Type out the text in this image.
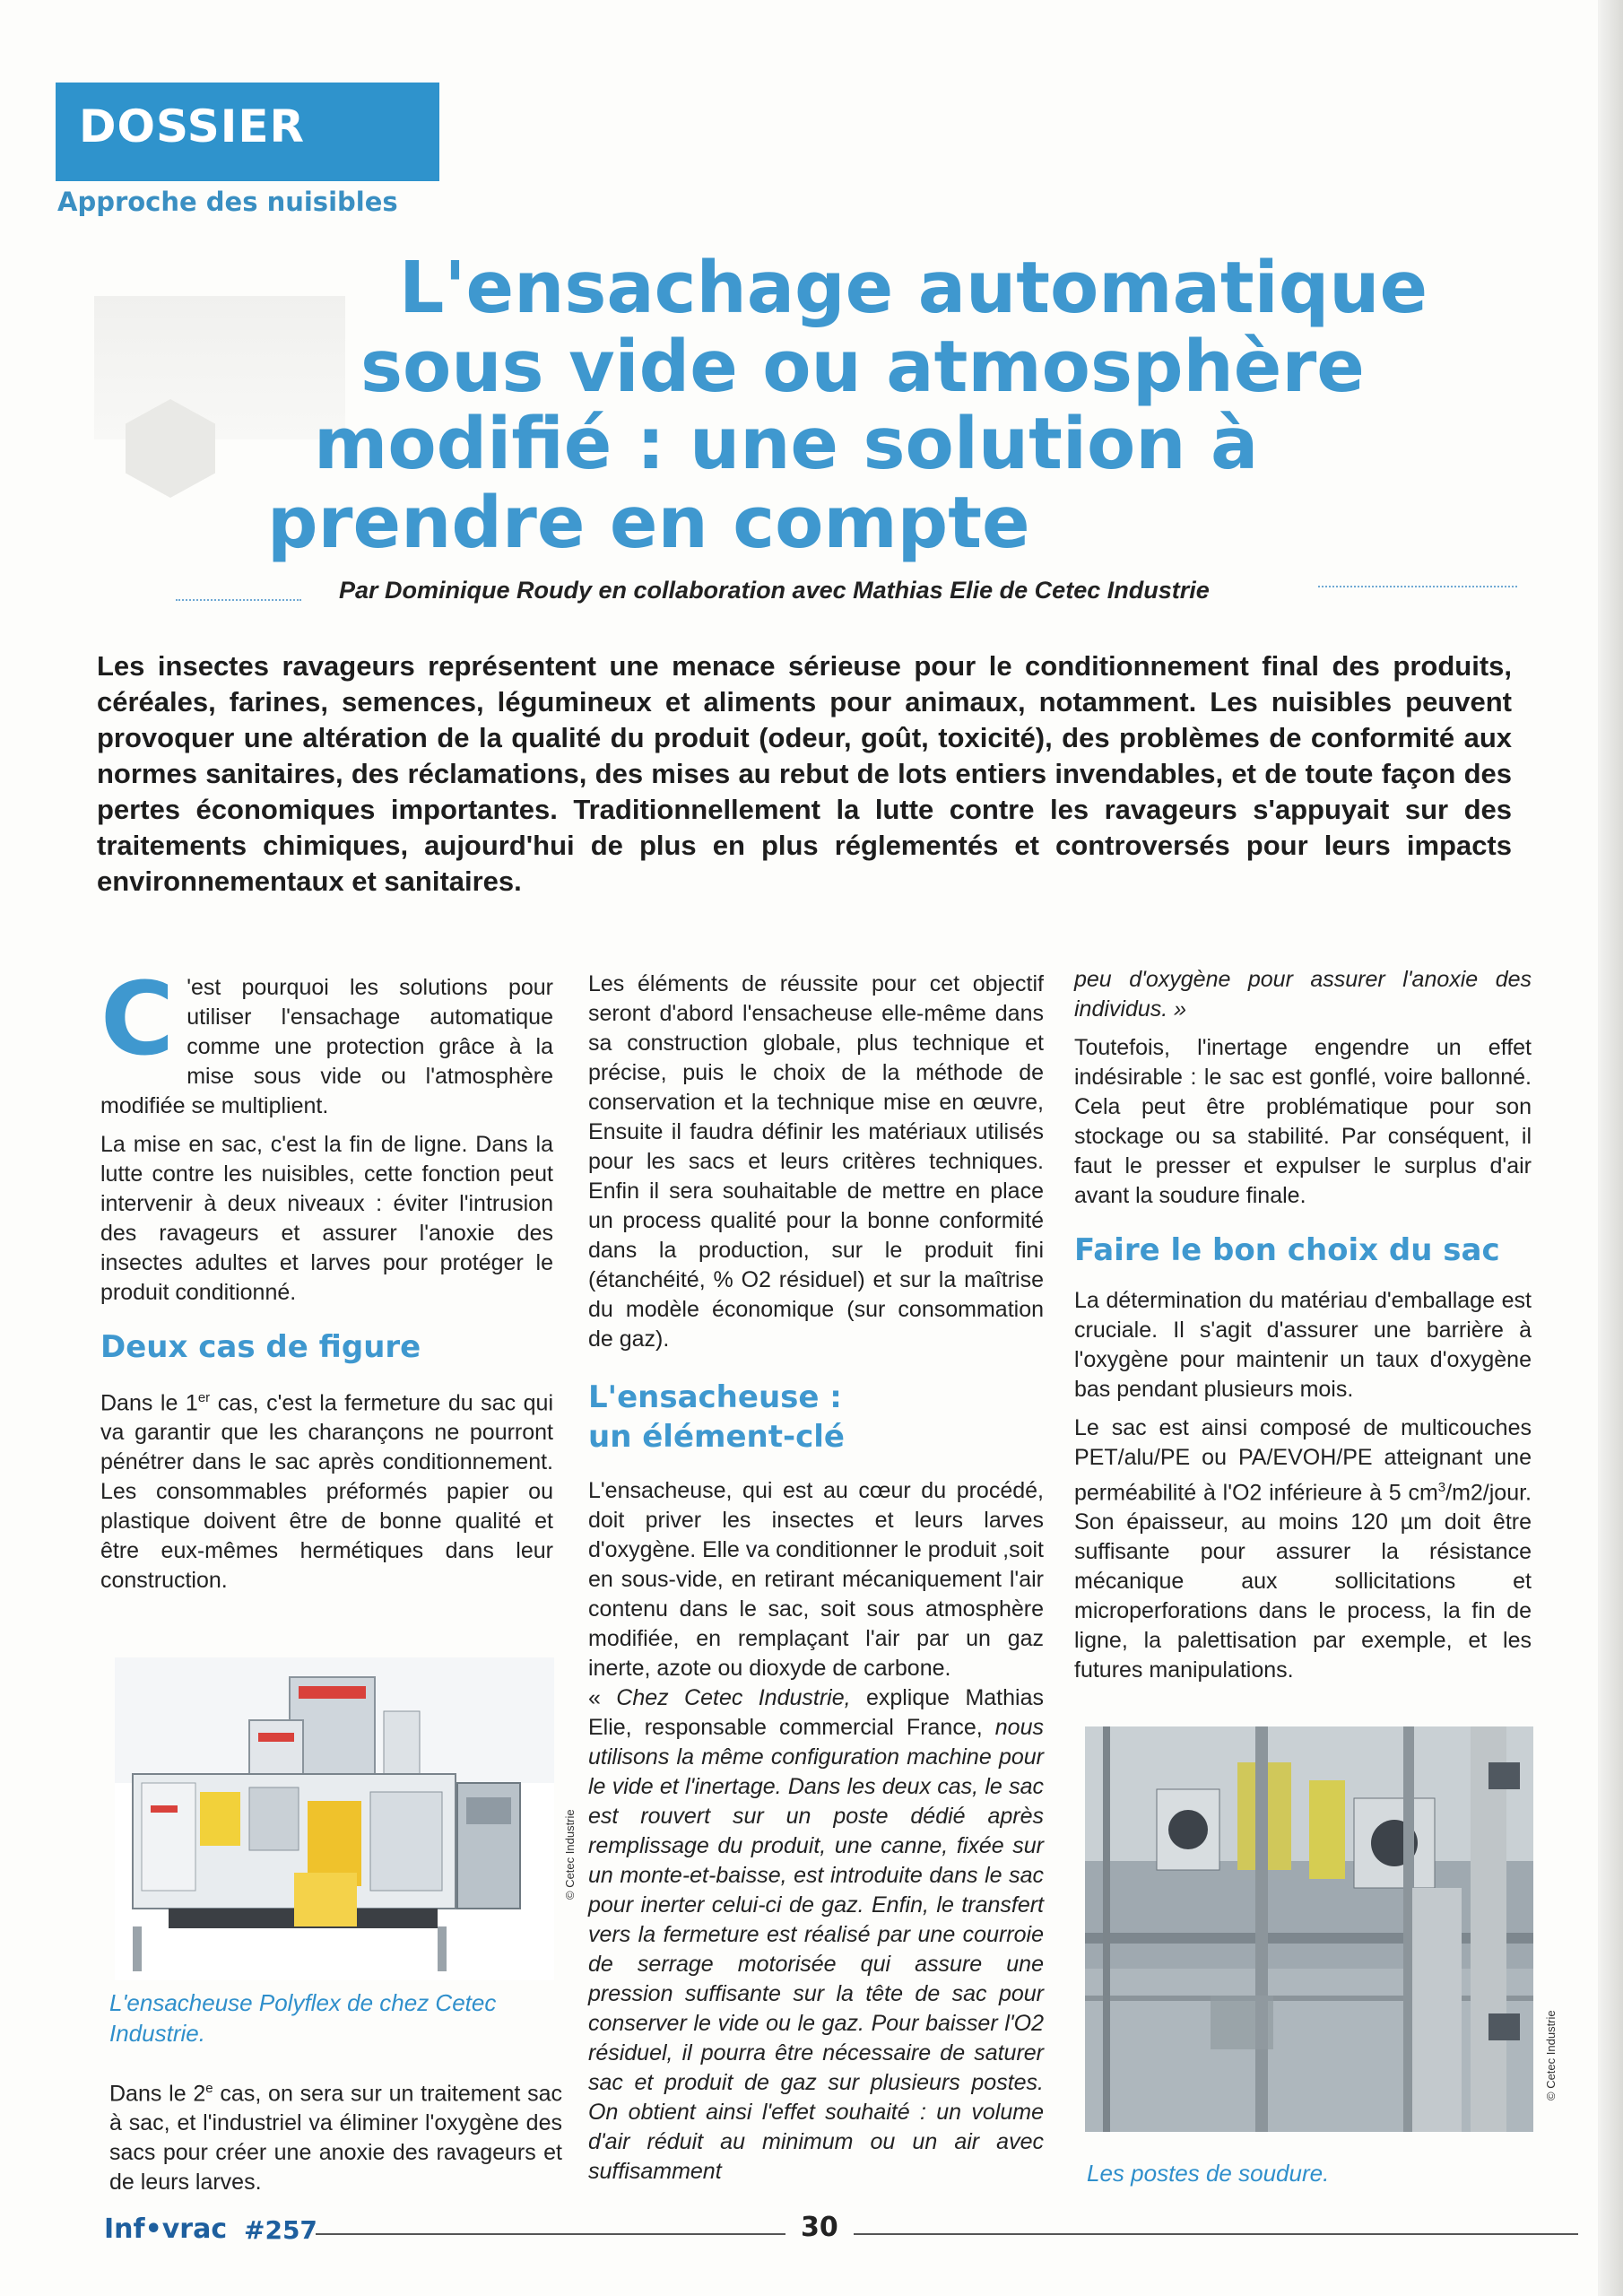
DOSSIER
Approche des nuisibles
L'ensachage automatique
sous vide ou atmosphère
modifié : une solution à
prendre en compte
Par Dominique Roudy en collaboration avec Mathias Elie de Cetec Industrie
Les insectes ravageurs représentent une menace sérieuse pour le conditionnement final des produits, céréales, farines, semences, légumineux et aliments pour animaux, notamment. Les nuisibles peuvent provoquer une altération de la qualité du produit (odeur, goût, toxicité), des problèmes de conformité aux normes sanitaires, des réclamations, des mises au rebut de lots entiers invendables, et de toute façon des pertes économiques importantes. Traditionnellement la lutte contre les ravageurs s'appuyait sur des traitements chimiques, aujourd'hui de plus en plus réglementés et controversés pour leurs impacts environnementaux et sanitaires.

C 'est pourquoi les solutions pour utiliser l'ensachage automatique comme une protection grâce à la mise sous vide ou l'atmosphère modifiée se multiplient.

La mise en sac, c'est la fin de ligne. Dans la lutte contre les nuisibles, cette fonction peut intervenir à deux niveaux : éviter l'intrusion des ravageurs et assurer l'anoxie des insectes adultes et larves pour protéger le produit conditionné.

Deux cas de figure

Dans le 1er cas, c'est la fermeture du sac qui va garantir que les charançons ne pourront pénétrer dans le sac après conditionnement. Les consommables préformés papier ou plastique doivent être de bonne qualité et être eux-mêmes hermétiques dans leur construction.

© Cetec Industrie
L'ensacheuse Polyflex de chez Cetec Industrie.

Dans le 2e cas, on sera sur un traitement sac à sac, et l'industriel va éliminer l'oxygène des sacs pour créer une anoxie des ravageurs et de leurs larves.

Les éléments de réussite pour cet objectif seront d'abord l'ensacheuse elle-même dans sa construction globale, plus technique et précise, puis le choix de la méthode de conservation et la technique mise en œuvre, Ensuite il faudra définir les matériaux utilisés pour les sacs et leurs critères techniques. Enfin il sera souhaitable de mettre en place un process qualité pour la bonne conformité dans la production, sur le produit fini (étanchéité, % O2 résiduel) et sur la maîtrise du modèle économique (sur consommation de gaz).

L'ensacheuse :
un élément-clé

L'ensacheuse, qui est au cœur du procédé, doit priver les insectes et leurs larves d'oxygène. Elle va conditionner le produit ,soit en sous-vide, en retirant mécaniquement l'air contenu dans le sac, soit sous atmosphère modifiée, en remplaçant l'air par un gaz inerte, azote ou dioxyde de carbone.

« Chez Cetec Industrie, explique Mathias Elie, responsable commercial France, nous utilisons la même configuration machine pour le vide et l'inertage. Dans les deux cas, le sac est rouvert sur un poste dédié après remplissage du produit, une canne, fixée sur un monte-et-baisse, est introduite dans le sac pour inerter celui-ci de gaz. Enfin, le transfert vers la fermeture est réalisé par une courroie de serrage motorisée qui assure une pression suffisante sur la tête de sac pour conserver le vide ou le gaz. Pour baisser l'O2 résiduel, il pourra être nécessaire de saturer sac et produit de gaz sur plusieurs postes. On obtient ainsi l'effet souhaité : un volume d'air réduit au minimum ou un air avec suffisamment

peu d'oxygène pour assurer l'anoxie des individus. »

Toutefois, l'inertage engendre un effet indésirable : le sac est gonflé, voire ballonné. Cela peut être problématique pour son stockage ou sa stabilité. Par conséquent, il faut le presser et expulser le surplus d'air avant la soudure finale.

Faire le bon choix du sac

La détermination du matériau d'emballage est cruciale. Il s'agit d'assurer une barrière à l'oxygène pour maintenir un taux d'oxygène bas pendant plusieurs mois.

Le sac est ainsi composé de multicouches PET/alu/PE ou PA/EVOH/PE atteignant une perméabilité à l'O2 inférieure à 5 $cm^3/m2$/jour. Son épaisseur, au moins 120 µm doit être suffisante pour assurer la résistance mécanique aux sollicitations et microperforations dans le process, la fin de ligne, la palettisation par exemple, et les futures manipulations.

© Cetec Industrie
Les postes de soudure.
Inf•vrac #257	30
